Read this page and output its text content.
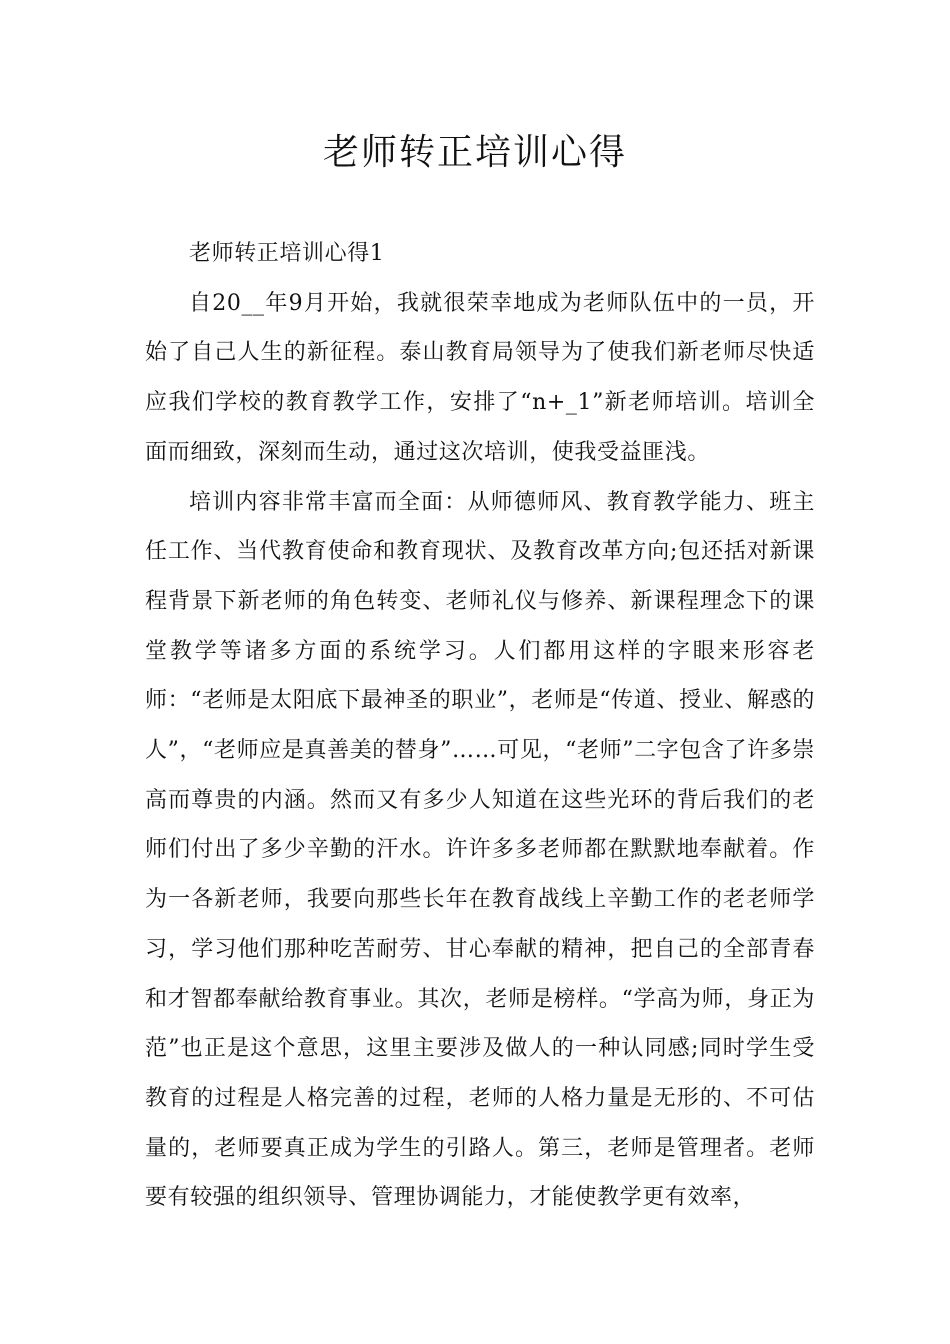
老师转正培训心得

老师转正培训心得1

自20__年9月开始，我就很荣幸地成为老师队伍中的一员，开始了自己人生的新征程。泰山教育局领导为了使我们新老师尽快适应我们学校的教育教学工作，安排了“n+_1”新老师培训。培训全面而细致，深刻而生动，通过这次培训，使我受益匪浅。

培训内容非常丰富而全面：从师德师风、教育教学能力、班主任工作、当代教育使命和教育现状、及教育改革方向;包还括对新课程背景下新老师的角色转变、老师礼仪与修养、新课程理念下的课堂教学等诸多方面的系统学习。人们都用这样的字眼来形容老师：“老师是太阳底下最神圣的职业”，老师是“传道、授业、解惑的人”，“老师应是真善美的替身”……可见，“老师”二字包含了许多崇高而尊贵的内涵。然而又有多少人知道在这些光环的背后我们的老师们付出了多少辛勤的汗水。许许多多老师都在默默地奉献着。作为一各新老师，我要向那些长年在教育战线上辛勤工作的老老师学习，学习他们那种吃苦耐劳、甘心奉献的精神，把自己的全部青春和才智都奉献给教育事业。其次，老师是榜样。“学高为师，身正为范”也正是这个意思，这里主要涉及做人的一种认同感;同时学生受教育的过程是人格完善的过程，老师的人格力量是无形的、不可估量的，老师要真正成为学生的引路人。第三，老师是管理者。老师要有较强的组织领导、管理协调能力，才能使教学更有效率，
